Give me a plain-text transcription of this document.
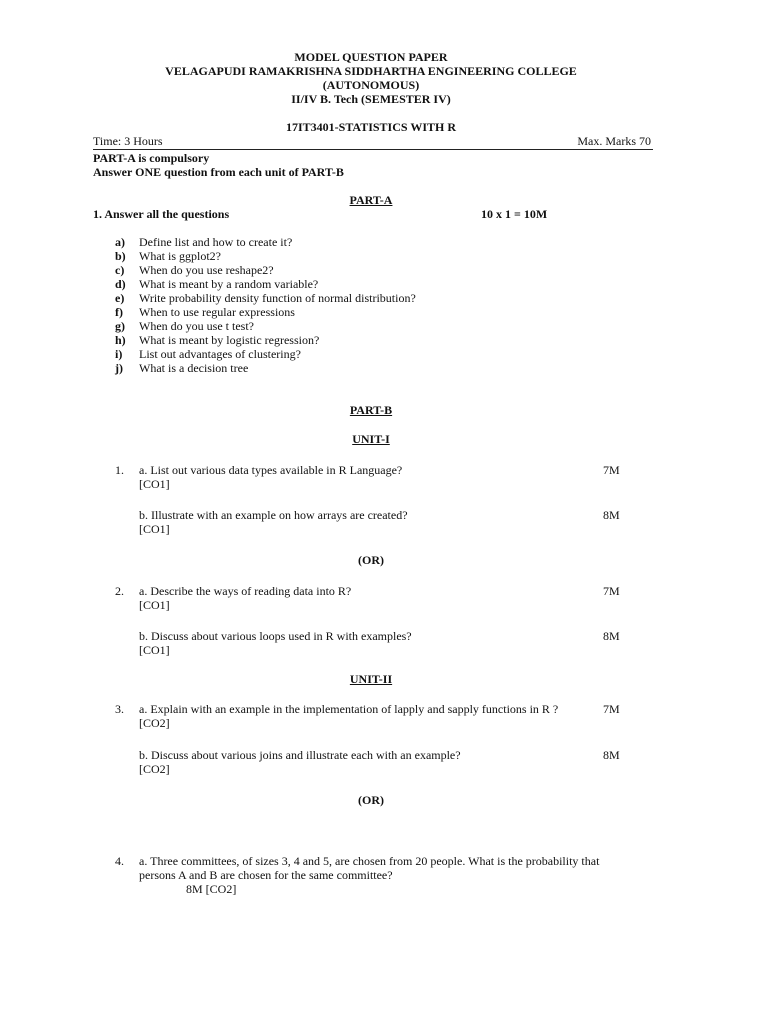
MODEL QUESTION PAPER
VELAGAPUDI RAMAKRISHNA SIDDHARTHA ENGINEERING COLLEGE
(AUTONOMOUS)
II/IV B. Tech (SEMESTER IV)
17IT3401-STATISTICS WITH R
Time: 3 Hours	Max. Marks 70
PART-A is compulsory
Answer ONE question from each unit of PART-B
PART-A
1. Answer all the questions	10 x 1 = 10M
a) Define list and how to create it?
b) What is ggplot2?
c) When do you use reshape2?
d) What is meant by a random variable?
e) Write probability density function of normal distribution?
f) When to use regular expressions
g) When do you use t test?
h) What is meant by logistic regression?
i) List out advantages of clustering?
j) What is a decision tree
PART-B
UNIT-I
1. a. List out various data types available in R Language?	7M
[CO1]
b. Illustrate with an example on how arrays are created?	8M
[CO1]
(OR)
2. a. Describe the ways of reading data into R?	7M
[CO1]
b. Discuss about various loops used in R with examples?	8M
[CO1]
UNIT-II
3. a. Explain with an example in the implementation of lapply and sapply functions in R ?	7M
[CO2]
b. Discuss about various joins and illustrate each with an example?	8M
[CO2]
(OR)
4. a. Three committees, of sizes 3, 4 and 5, are chosen from 20 people. What is the probability that
persons A and B are chosen for the same committee?
8M [CO2]
